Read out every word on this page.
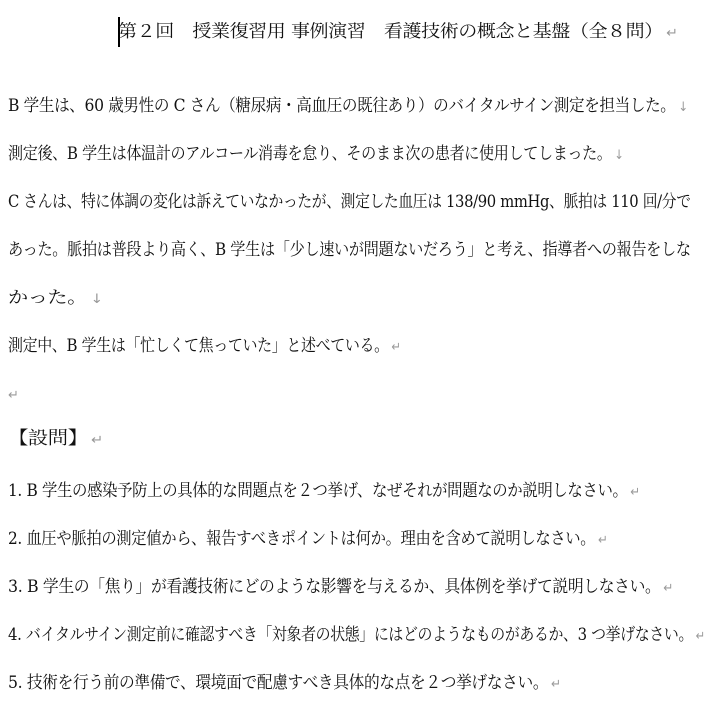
第２回　授業復習用 事例演習　看護技術の概念と基盤（全８問） ↵
B 学生は、60 歳男性の C さん（糖尿病・高血圧の既往あり）のバイタルサイン測定を担当した。 ↓
測定後、B 学生は体温計のアルコール消毒を怠り、そのまま次の患者に使用してしまった。 ↓
C さんは、特に体調の変化は訴えていなかったが、測定した血圧は 138/90 mmHg、脈拍は 110 回/分で
あった。脈拍は普段より高く、B 学生は「少し速いが問題ないだろう」と考え、指導者への報告をしな
かった。 ↓
測定中、B 学生は「忙しくて焦っていた」と述べている。 ↵
↵
【設問】 ↵
1. B 学生の感染予防上の具体的な問題点を２つ挙げ、なぜそれが問題なのか説明しなさい。 ↵
2. 血圧や脈拍の測定値から、報告すべきポイントは何か。理由を含めて説明しなさい。 ↵
3. B 学生の「焦り」が看護技術にどのような影響を与えるか、具体例を挙げて説明しなさい。 ↵
4. バイタルサイン測定前に確認すべき「対象者の状態」にはどのようなものがあるか、3 つ挙げなさい。 ↵
5. 技術を行う前の準備で、環境面で配慮すべき具体的な点を２つ挙げなさい。 ↵
